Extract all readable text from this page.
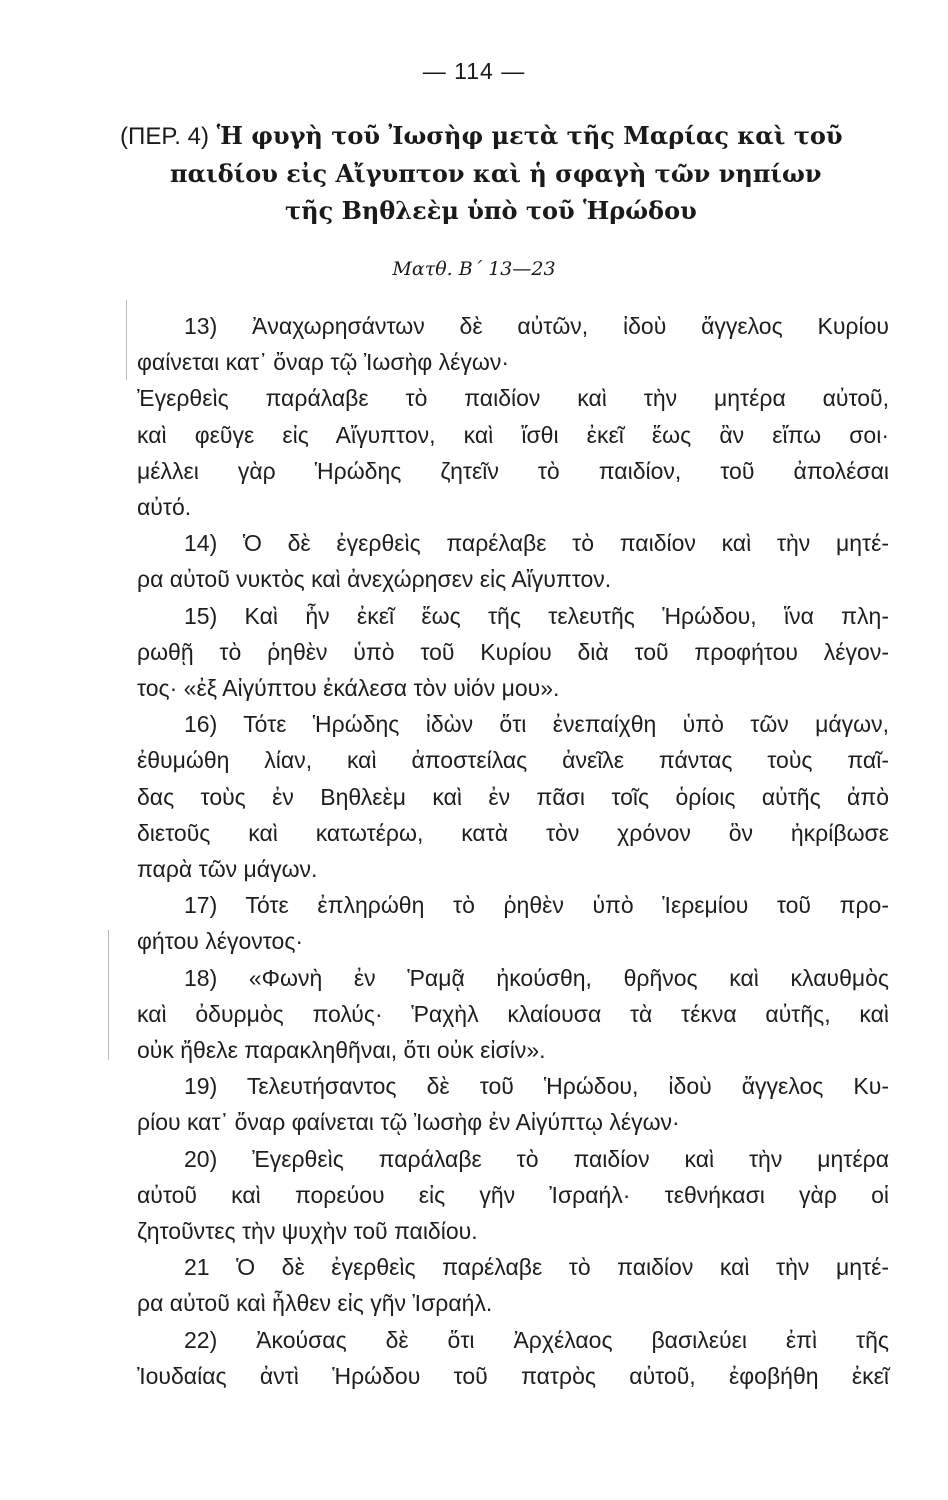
— 114 —
(ΠΕΡ. 4) Ἡ φυγὴ τοῦ Ἰωσὴφ μετὰ τῆς Μαρίας καὶ τοῦ
παιδίου εἰς Αἴγυπτον καὶ ἡ σφαγὴ τῶν νηπίων
τῆς Βηθλεὲμ ὑπὸ τοῦ Ἡρώδου
Ματθ. Β΄ 13—23
13) Ἀναχωρησάντων δὲ αὐτῶν, ἰδοὺ ἄγγελος Κυρίου
φαίνεται κατ᾽ ὄναρ τῷ Ἰωσὴφ λέγων·
Ἐγερθεὶς παράλαβε τὸ παιδίον καὶ τὴν μητέρα αὐτοῦ,
καὶ φεῦγε εἰς Αἴγυπτον, καὶ ἴσθι ἐκεῖ ἕως ἂν εἴπω σοι·
μέλλει γὰρ Ἡρώδης ζητεῖν τὸ παιδίον, τοῦ ἀπολέσαι
αὐτό.
14) Ὁ δὲ ἐγερθεὶς παρέλαβε τὸ παιδίον καὶ τὴν μητέ-
ρα αὐτοῦ νυκτὸς καὶ ἀνεχώρησεν εἰς Αἴγυπτον.
15) Καὶ ἦν ἐκεῖ ἕως τῆς τελευτῆς Ἡρώδου, ἵνα πλη-
ρωθῇ τὸ ῥηθὲν ὑπὸ τοῦ Κυρίου διὰ τοῦ προφήτου λέγον-
τος· «ἐξ Αἰγύπτου ἐκάλεσα τὸν υἱόν μου».
16) Τότε Ἡρώδης ἰδὼν ὅτι ἐνεπαίχθη ὑπὸ τῶν μάγων,
ἐθυμώθη λίαν, καὶ ἀποστείλας ἀνεῖλε πάντας τοὺς παῖ-
δας τοὺς ἐν Βηθλεὲμ καὶ ἐν πᾶσι τοῖς ὁρίοις αὐτῆς ἀπὸ
διετοῦς καὶ κατωτέρω, κατὰ τὸν χρόνον ὃν ἠκρίβωσε
παρὰ τῶν μάγων.
17) Τότε ἐπληρώθη τὸ ῥηθὲν ὑπὸ Ἱερεμίου τοῦ προ-
φήτου λέγοντος·
18) «Φωνὴ ἐν Ῥαμᾷ ἠκούσθη, θρῆνος καὶ κλαυθμὸς
καὶ ὀδυρμὸς πολύς· Ῥαχὴλ κλαίουσα τὰ τέκνα αὐτῆς, καὶ
οὐκ ἤθελε παρακληθῆναι, ὅτι οὐκ εἰσίν».
19) Τελευτήσαντος δὲ τοῦ Ἡρώδου, ἰδοὺ ἄγγελος Κυ-
ρίου κατ᾽ ὄναρ φαίνεται τῷ Ἰωσὴφ ἐν Αἰγύπτῳ λέγων·
20) Ἐγερθεὶς παράλαβε τὸ παιδίον καὶ τὴν μητέρα
αὐτοῦ καὶ πορεύου εἰς γῆν Ἰσραήλ· τεθνήκασι γὰρ οἱ
ζητοῦντες τὴν ψυχὴν τοῦ παιδίου.
21 Ὁ δὲ ἐγερθεὶς παρέλαβε τὸ παιδίον καὶ τὴν μητέ-
ρα αὐτοῦ καὶ ἦλθεν εἰς γῆν Ἰσραήλ.
22) Ἀκούσας δὲ ὅτι Ἀρχέλαος βασιλεύει ἐπὶ τῆς
Ἰουδαίας ἀντὶ Ἡρώδου τοῦ πατρὸς αὐτοῦ, ἐφοβήθη ἐκεῖ
